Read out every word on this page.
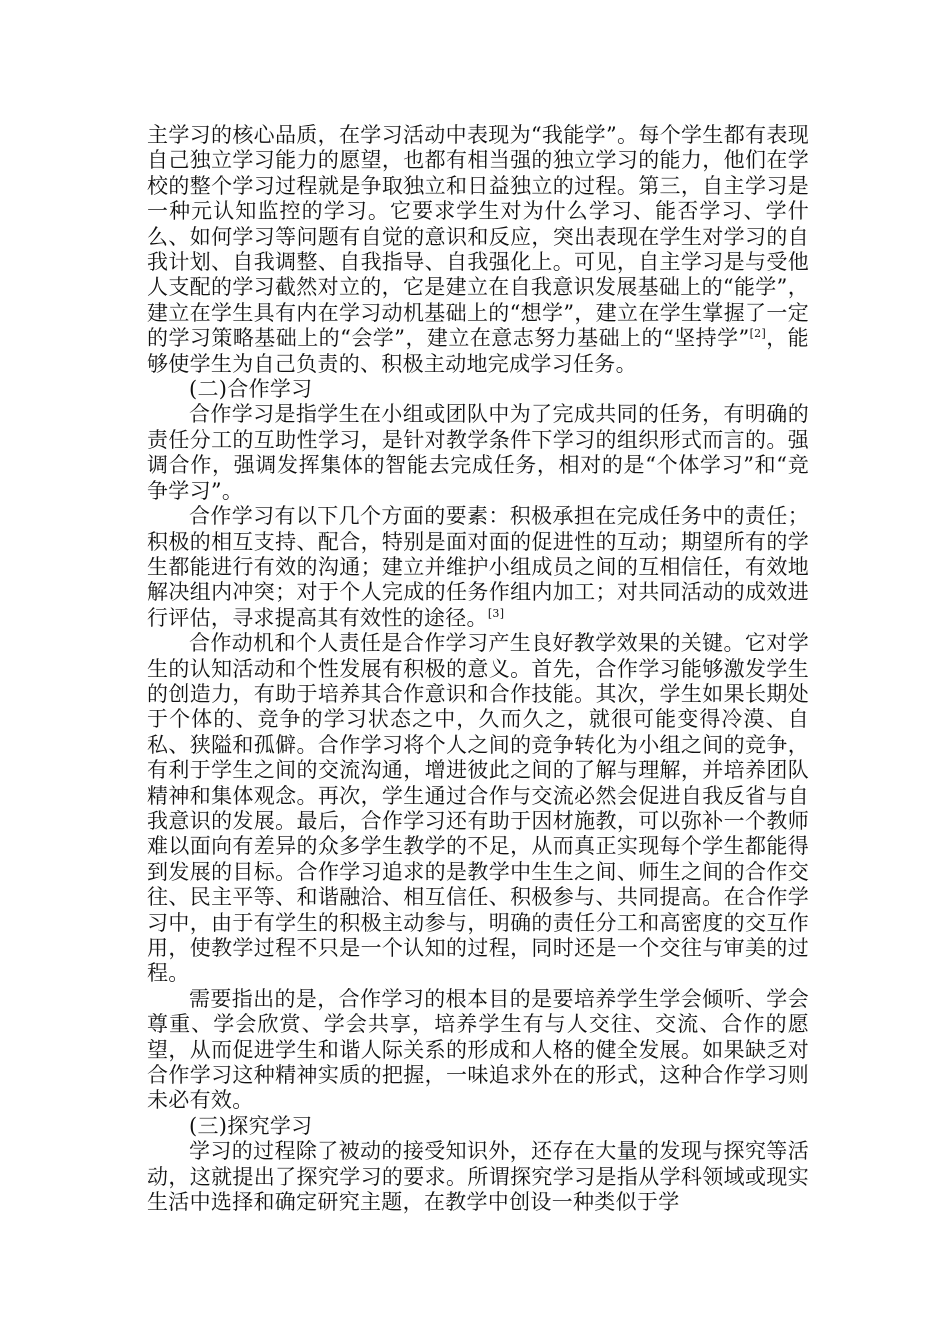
主学习的核心品质，在学习活动中表现为“我能学”。每个学生都有表现自己独立学习能力的愿望，也都有相当强的独立学习的能力，他们在学校的整个学习过程就是争取独立和日益独立的过程。第三，自主学习是一种元认知监控的学习。它要求学生对为什么学习、能否学习、学什么、如何学习等问题有自觉的意识和反应，突出表现在学生对学习的自我计划、自我调整、自我指导、自我强化上。可见，自主学习是与受他人支配的学习截然对立的，它是建立在自我意识发展基础上的“能学”，建立在学生具有内在学习动机基础上的“想学”，建立在学生掌握了一定的学习策略基础上的“会学”，建立在意志努力基础上的“坚持学”[2]，能够使学生为自己负责的、积极主动地完成学习任务。

(二)合作学习

合作学习是指学生在小组或团队中为了完成共同的任务，有明确的责任分工的互助性学习，是针对教学条件下学习的组织形式而言的。强调合作，强调发挥集体的智能去完成任务，相对的是“个体学习”和“竞争学习”。

合作学习有以下几个方面的要素：积极承担在完成任务中的责任；积极的相互支持、配合，特别是面对面的促进性的互动；期望所有的学生都能进行有效的沟通；建立并维护小组成员之间的互相信任，有效地解决组内冲突；对于个人完成的任务作组内加工；对共同活动的成效进行评估，寻求提高其有效性的途径。[3]

合作动机和个人责任是合作学习产生良好教学效果的关键。它对学生的认知活动和个性发展有积极的意义。首先，合作学习能够激发学生的创造力，有助于培养其合作意识和合作技能。其次，学生如果长期处于个体的、竞争的学习状态之中，久而久之，就很可能变得冷漠、自私、狭隘和孤僻。合作学习将个人之间的竞争转化为小组之间的竞争，有利于学生之间的交流沟通，增进彼此之间的了解与理解，并培养团队精神和集体观念。再次，学生通过合作与交流必然会促进自我反省与自我意识的发展。最后，合作学习还有助于因材施教，可以弥补一个教师难以面向有差异的众多学生教学的不足，从而真正实现每个学生都能得到发展的目标。合作学习追求的是教学中生生之间、师生之间的合作交往、民主平等、和谐融洽、相互信任、积极参与、共同提高。在合作学习中，由于有学生的积极主动参与，明确的责任分工和高密度的交互作用，使教学过程不只是一个认知的过程，同时还是一个交往与审美的过程。

需要指出的是，合作学习的根本目的是要培养学生学会倾听、学会尊重、学会欣赏、学会共享，培养学生有与人交往、交流、合作的愿望，从而促进学生和谐人际关系的形成和人格的健全发展。如果缺乏对合作学习这种精神实质的把握，一味追求外在的形式，这种合作学习则未必有效。

(三)探究学习

学习的过程除了被动的接受知识外，还存在大量的发现与探究等活动，这就提出了探究学习的要求。所谓探究学习是指从学科领域或现实生活中选择和确定研究主题，在教学中创设一种类似于学
